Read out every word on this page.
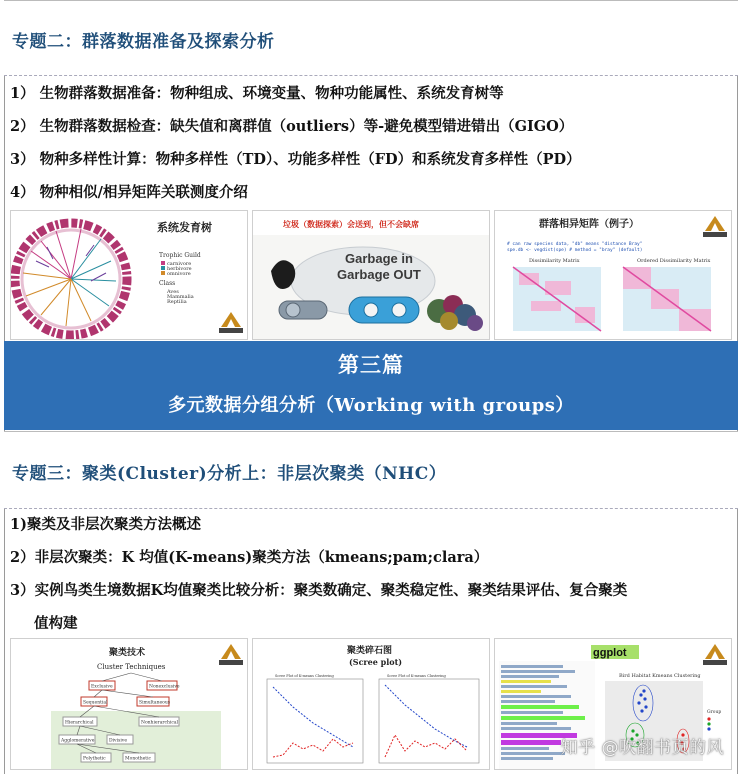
专题二：群落数据准备及探索分析
1） 生物群落数据准备：物种组成、环境变量、物种功能属性、系统发育树等
2） 生物群落数据检查：缺失值和离群值（outliers）等-避免模型错进错出（GIGO）
3） 物种多样性计算：物种多样性（TD）、功能多样性（FD）和系统发育多样性（PD）
4） 物种相似/相异矩阵关联测度介绍
系统发育树
Trophic Guild
carnivore
herbivore
omnivore
Class
Aves
Mammalia
Reptilia
垃圾（数据探索）会送到，但不会缺席
Garbage in
Garbage OUT
群落相异矩阵（例子）
# can raw species data, "db" means "distance Bray"
spe.db <- vegdist(spe) # method = "bray" (default)
Dissimilarity Matrix	Ordered Dissimilarity Matrix
第三篇
多元数据分组分析（Working with groups）
专题三：聚类(Cluster)分析上：非层次聚类（NHC）
1)聚类及非层次聚类方法概述
2）非层次聚类：K 均值(K-means)聚类方法（kmeans;pam;clara）
3）实例鸟类生境数据K均值聚类比较分析：聚类数确定、聚类稳定性、聚类结果评估、复合聚类
值构建
聚类技术
Cluster Techniques
Exclusive	Nonexclusive
Sequential	Simultaneous
Hierarchical	Nonhierarchical
Agglomerative	Divisive
Polythetic	Monothetic
聚类碎石图
(Scree plot)
Scree Plot of K-means Clustering	Scree Plot of K-means Clustering
ggplot
Bird Habitat Kmeans Clustering
Group
知乎 @吹翻书页的风
